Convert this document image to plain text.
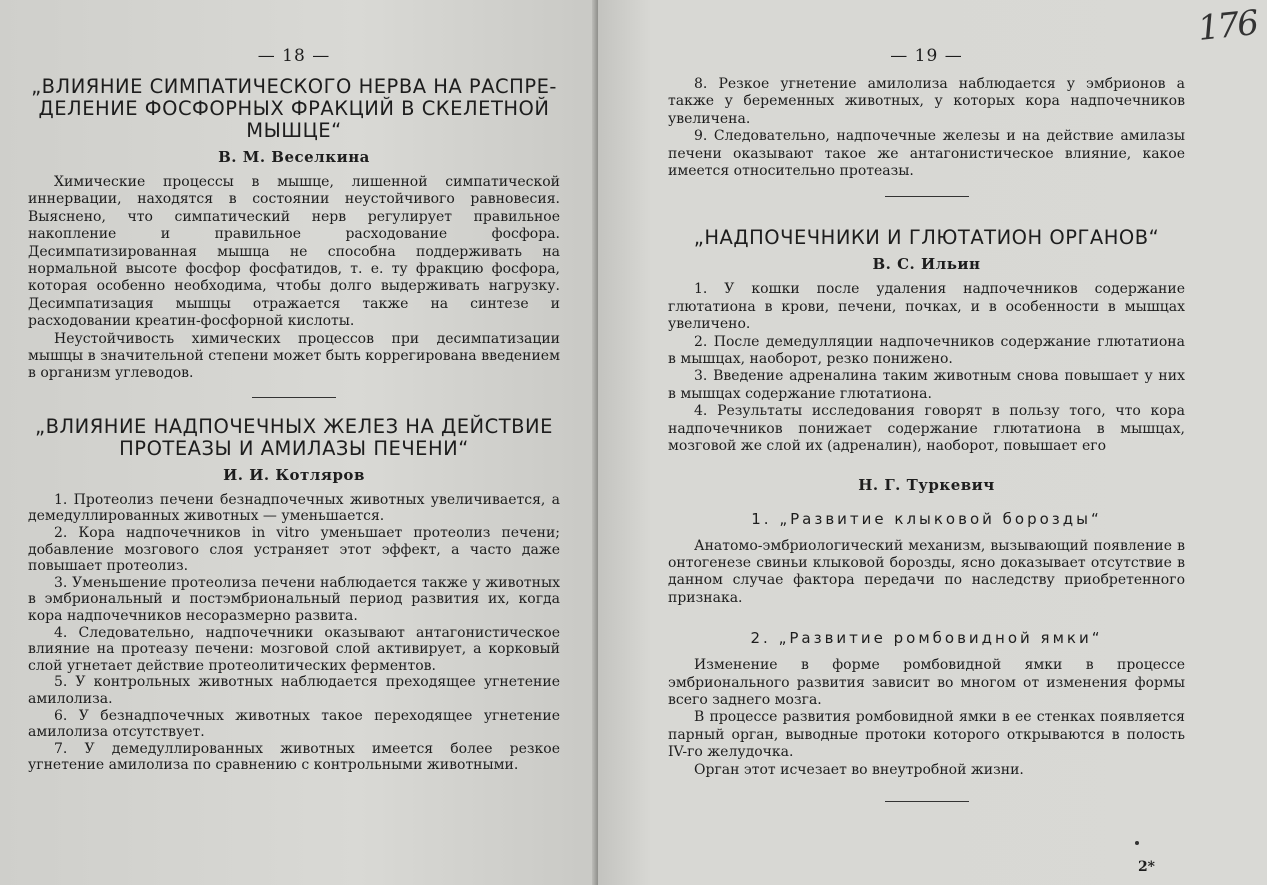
— 18 —
„ВЛИЯНИЕ СИМПАТИЧЕСКОГО НЕРВА НА РАСПРЕ-ДЕЛЕНИЕ ФОСФОРНЫХ ФРАКЦИЙ В СКЕЛЕТНОЙ МЫШЦЕ“
В. М. Веселкина

Химические процессы в мышце, лишенной симпатической иннервации, находятся в состоянии неустойчивого равновесия. Выяснено, что симпатический нерв регулирует правильное накопление и правильное расходование фосфора. Десимпатизированная мышца не способна поддерживать на нормальной высоте фосфор фосфатидов, т. е. ту фракцию фосфора, которая особенно необходима, чтобы долго выдерживать нагрузку. Десимпатизация мышцы отражается также на синтезе и расходовании креатин-фосфорной кислоты.

Неустойчивость химических процессов при десимпатизации мышцы в значительной степени может быть коррегирована введением в организм углеводов.

„ВЛИЯНИЕ НАДПОЧЕЧНЫХ ЖЕЛЕЗ НА ДЕЙСТВИЕ ПРОТЕАЗЫ И АМИЛАЗЫ ПЕЧЕНИ“
И. И. Котляров

1. Протеолиз печени безнадпочечных животных увеличивается, а демедуллированных животных — уменьшается.

2. Кора надпочечников in vitro уменьшает протеолиз печени; добавление мозгового слоя устраняет этот эффект, а часто даже повышает протеолиз.

3. Уменьшение протеолиза печени наблюдается также у животных в эмбриональный и постэмбриональный период развития их, когда кора надпочечников несоразмерно развита.

4. Следовательно, надпочечники оказывают антагонистическое влияние на протеазу печени: мозговой слой активирует, а корковый слой угнетает действие протеолитических ферментов.

5. У контрольных животных наблюдается преходящее угнетение амилолиза.

6. У безнадпочечных животных такое переходящее угнетение амилолиза отсутствует.

7. У демедуллированных животных имеется более резкое угнетение амилолиза по сравнению с контрольными животными.

176
— 19 —

8. Резкое угнетение амилолиза наблюдается у эмбрионов а также у беременных животных, у которых кора надпочечников увеличена.

9. Следовательно, надпочечные железы и на действие амилазы печени оказывают такое же антагонистическое влияние, какое имеется относительно протеазы.

„НАДПОЧЕЧНИКИ И ГЛЮТАТИОН ОРГАНОВ“
В. С. Ильин

1. У кошки после удаления надпочечников содержание глютатиона в крови, печени, почках, и в особенности в мышцах увеличено.

2. После демедулляции надпочечников содержание глютатиона в мышцах, наоборот, резко понижено.

3. Введение адреналина таким животным снова повышает у них в мышцах содержание глютатиона.

4. Результаты исследования говорят в пользу того, что кора надпочечников понижает содержание глютатиона в мышцах, мозговой же слой их (адреналин), наоборот, повышает его

Н. Г. Туркевич
1. „Развитие клыковой борозды“

Анатомо-эмбриологический механизм, вызывающий появление в онтогенезе свиньи клыковой борозды, ясно доказывает отсутствие в данном случае фактора передачи по наследству приобретенного признака.

2. „Развитие ромбовидной ямки“

Изменение в форме ромбовидной ямки в процессе эмбрионального развития зависит во многом от изменения формы всего заднего мозга.

В процессе развития ромбовидной ямки в ее стенках появляется парный орган, выводные протоки которого открываются в полость IV-го желудочка.

Орган этот исчезает во внеутробной жизни.

2*
